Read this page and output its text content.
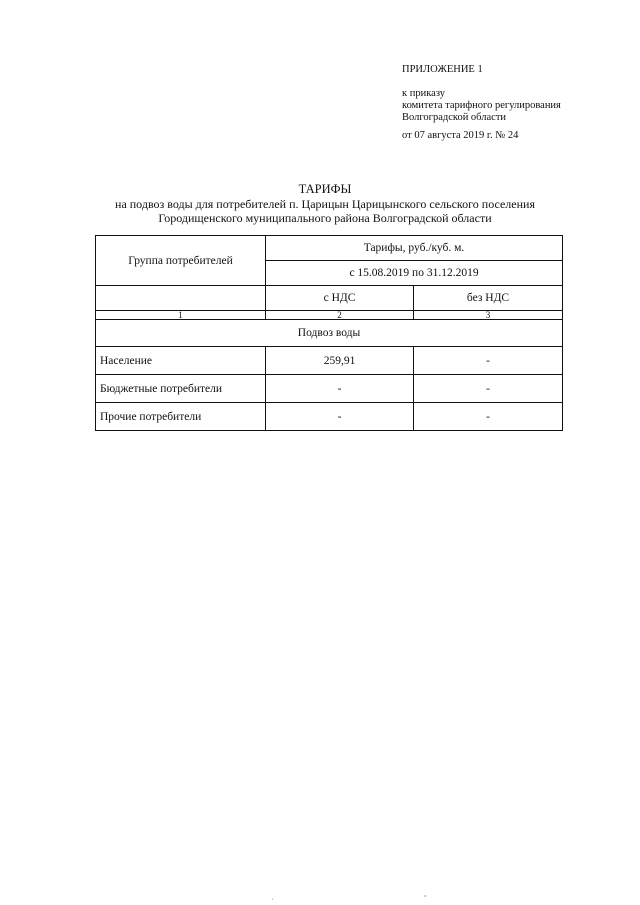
ПРИЛОЖЕНИЕ 1
к приказу
комитета тарифного регулирования
Волгоградской области
от 07 августа 2019 г. № 24
ТАРИФЫ
на подвоз воды для потребителей п. Царицын Царицынского сельского поселения
Городищенского муниципального района Волгоградской области
Группа потребителей	Тарифы, руб./куб. м.	
	с 15.08.2019 по 31.12.2019	
	с НДС	без НДС
1	2	3
Подвоз воды		
Население	259,91	-
Бюджетные потребители	-	-
Прочие потребители	-	-
,	°
